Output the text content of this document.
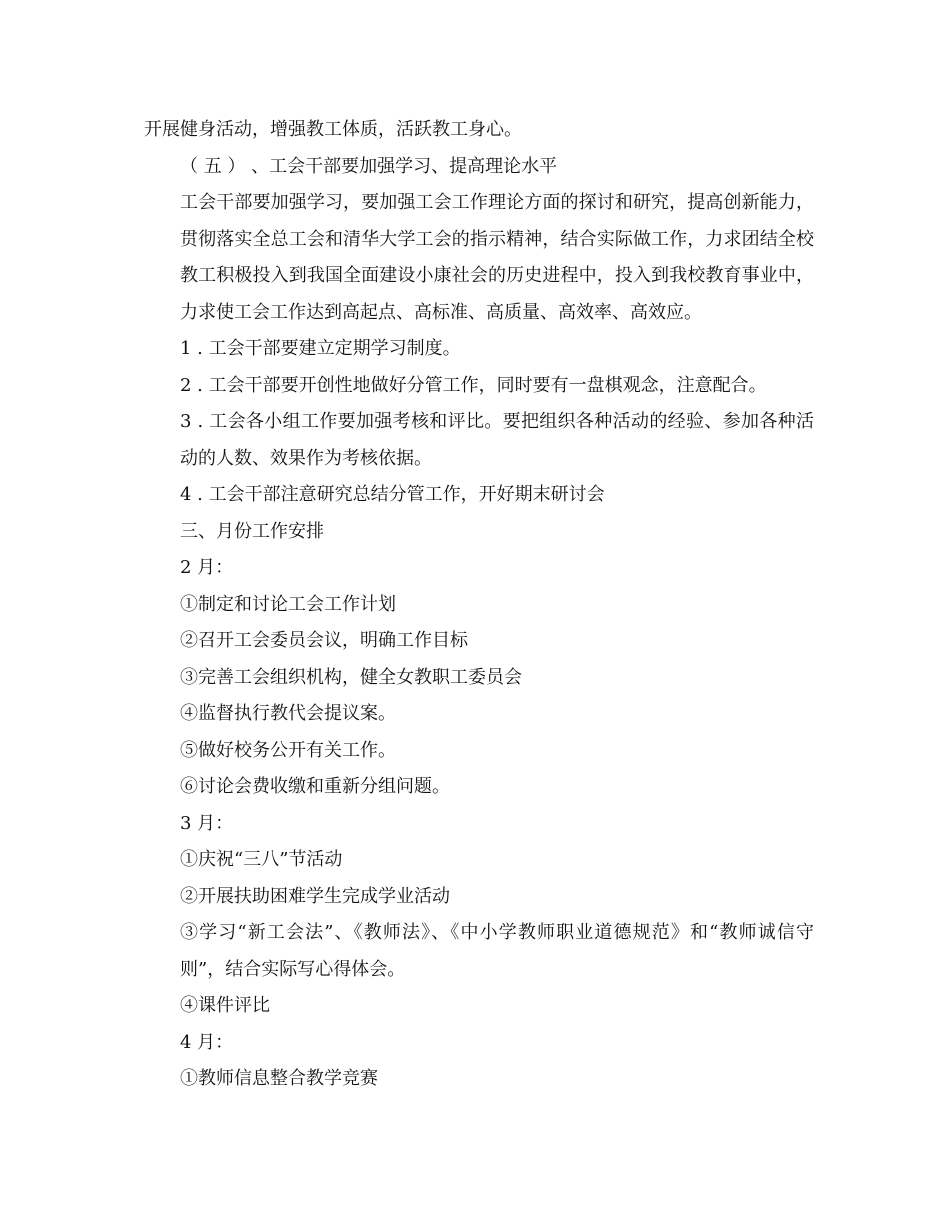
开展健身活动，增强教工体质，活跃教工身心。

（ 五 ） 、工会干部要加强学习、提高理论水平

工会干部要加强学习，要加强工会工作理论方面的探讨和研究，提高创新能力，贯彻落实全总工会和清华大学工会的指示精神，结合实际做工作，力求团结全校教工积极投入到我国全面建设小康社会的历史进程中，投入到我校教育事业中，力求使工会工作达到高起点、高标准、高质量、高效率、高效应。

1 . 工会干部要建立定期学习制度。

2 . 工会干部要开创性地做好分管工作，同时要有一盘棋观念，注意配合。

3 . 工会各小组工作要加强考核和评比。要把组织各种活动的经验、参加各种活动的人数、效果作为考核依据。

4 . 工会干部注意研究总结分管工作，开好期末研讨会

三、月份工作安排

2 月：

①制定和讨论工会工作计划

②召开工会委员会议，明确工作目标

③完善工会组织机构，健全女教职工委员会

④监督执行教代会提议案。

⑤做好校务公开有关工作。

⑥讨论会费收缴和重新分组问题。

3 月：

①庆祝“三八”节活动

②开展扶助困难学生完成学业活动

③学习“新工会法”、《教师法》、《中小学教师职业道德规范》和“教师诚信守则”，结合实际写心得体会。

④课件评比

4 月：

①教师信息整合教学竞赛
